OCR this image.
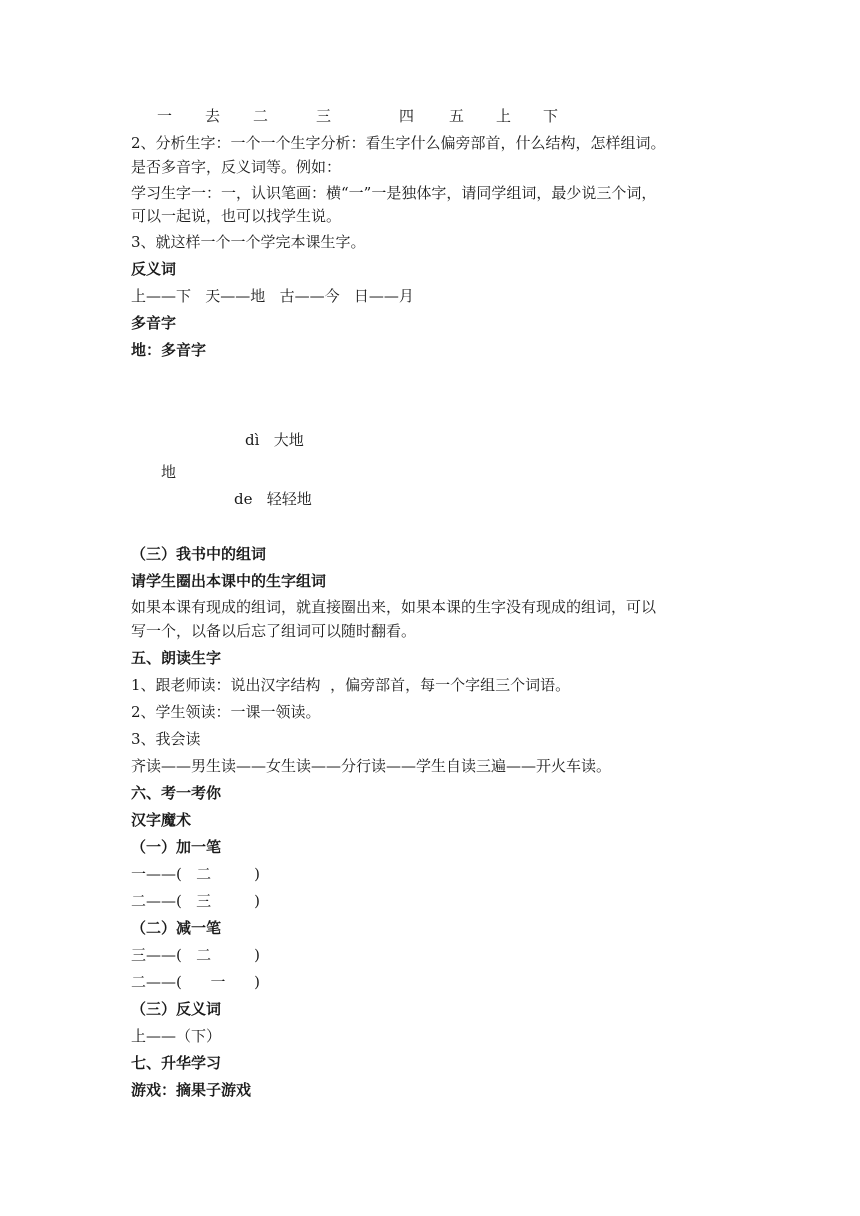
一 去 二	三	四 五 上 下
2、分析生字：一个一个生字分析：看生字什么偏旁部首，什么结构，怎样组词。
是否多音字，反义词等。例如：
学习生字一：一，认识笔画：横“一”一是独体字，请同学组词，最少说三个词，
可以一起说，也可以找学生说。
3、就这样一个一个学完本课生字。
反义词
上——下   天——地   古——今   日——月
多音字
地：多音字
dì   大地
地
de   轻轻地
（三）我书中的组词
请学生圈出本课中的生字组词
如果本课有现成的组词，就直接圈出来，如果本课的生字没有现成的组词，可以
写一个，以备以后忘了组词可以随时翻看。
五、朗读生字
1、跟老师读：说出汉字结构  ，偏旁部首，每一个字组三个词语。
2、学生领读：一课一领读。
3、我会读
齐读——男生读——女生读——分行读——学生自读三遍——开火车读。
六、考一考你
汉字魔术
（一）加一笔
一——(   二         )
二——(   三         )
（二）减一笔
三——(   二         )
二——(      一      )
（三）反义词
上——（下）
七、升华学习
游戏：摘果子游戏
